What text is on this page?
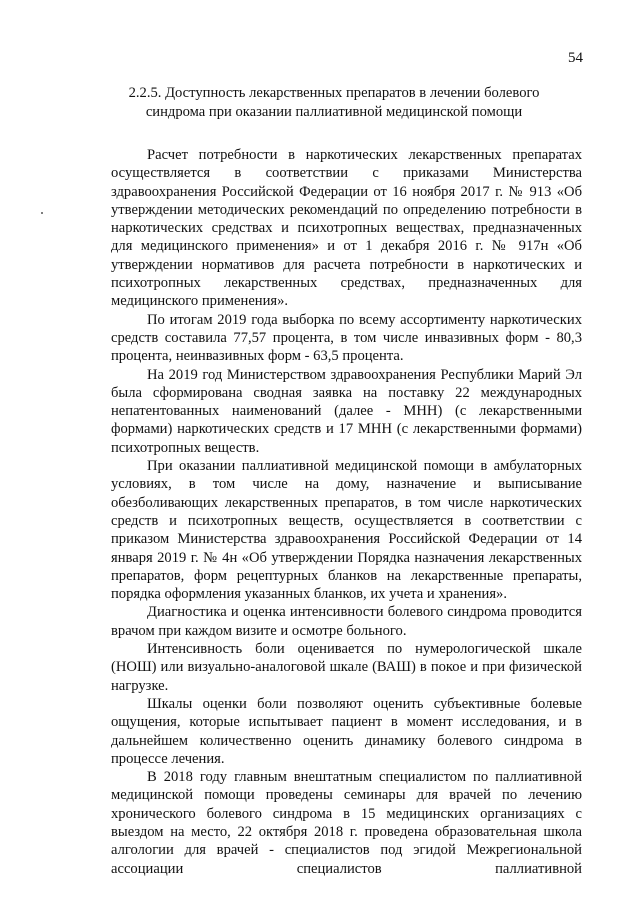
54
2.2.5. Доступность лекарственных препаратов в лечении болевого синдрома при оказании паллиативной медицинской помощи

Расчет потребности в наркотических лекарственных препаратах осуществляется в соответствии с приказами Министерства здравоохранения Российской Федерации от 16 ноября 2017 г. № 913 «Об утверждении методических рекомендаций по определению потребности в наркотических средствах и психотропных веществах, предназначенных для медицинского применения» и от 1 декабря 2016 г. № 917н «Об утверждении нормативов для расчета потребности в наркотических и психотропных лекарственных средствах, предназначенных для медицинского применения».

По итогам 2019 года выборка по всему ассортименту наркотических средств составила 77,57 процента, в том числе инвазивных форм - 80,3 процента, неинвазивных форм - 63,5 процента.

На 2019 год Министерством здравоохранения Республики Марий Эл была сформирована сводная заявка на поставку 22 международных непатентованных наименований (далее - МНН) (с лекарственными формами) наркотических средств и 17 МНН (с лекарственными формами) психотропных веществ.

При оказании паллиативной медицинской помощи в амбулаторных условиях, в том числе на дому, назначение и выписывание обезболивающих лекарственных препаратов, в том числе наркотических средств и психотропных веществ, осуществляется в соответствии с приказом Министерства здравоохранения Российской Федерации от 14 января 2019 г. № 4н «Об утверждении Порядка назначения лекарственных препаратов, форм рецептурных бланков на лекарственные препараты, порядка оформления указанных бланков, их учета и хранения».

Диагностика и оценка интенсивности болевого синдрома проводится врачом при каждом визите и осмотре больного.

Интенсивность боли оценивается по нумерологической шкале (НОШ) или визуально-аналоговой шкале (ВАШ) в покое и при физической нагрузке.

Шкалы оценки боли позволяют оценить субъективные болевые ощущения, которые испытывает пациент в момент исследования, и в дальнейшем количественно оценить динамику болевого синдрома в процессе лечения.

В 2018 году главным внештатным специалистом по паллиативной медицинской помощи проведены семинары для врачей по лечению хронического болевого синдрома в 15 медицинских организациях с выездом на место, 22 октября 2018 г. проведена образовательная школа алгологии для врачей - специалистов под эгидой Межрегиональной ассоциации специалистов паллиативной
